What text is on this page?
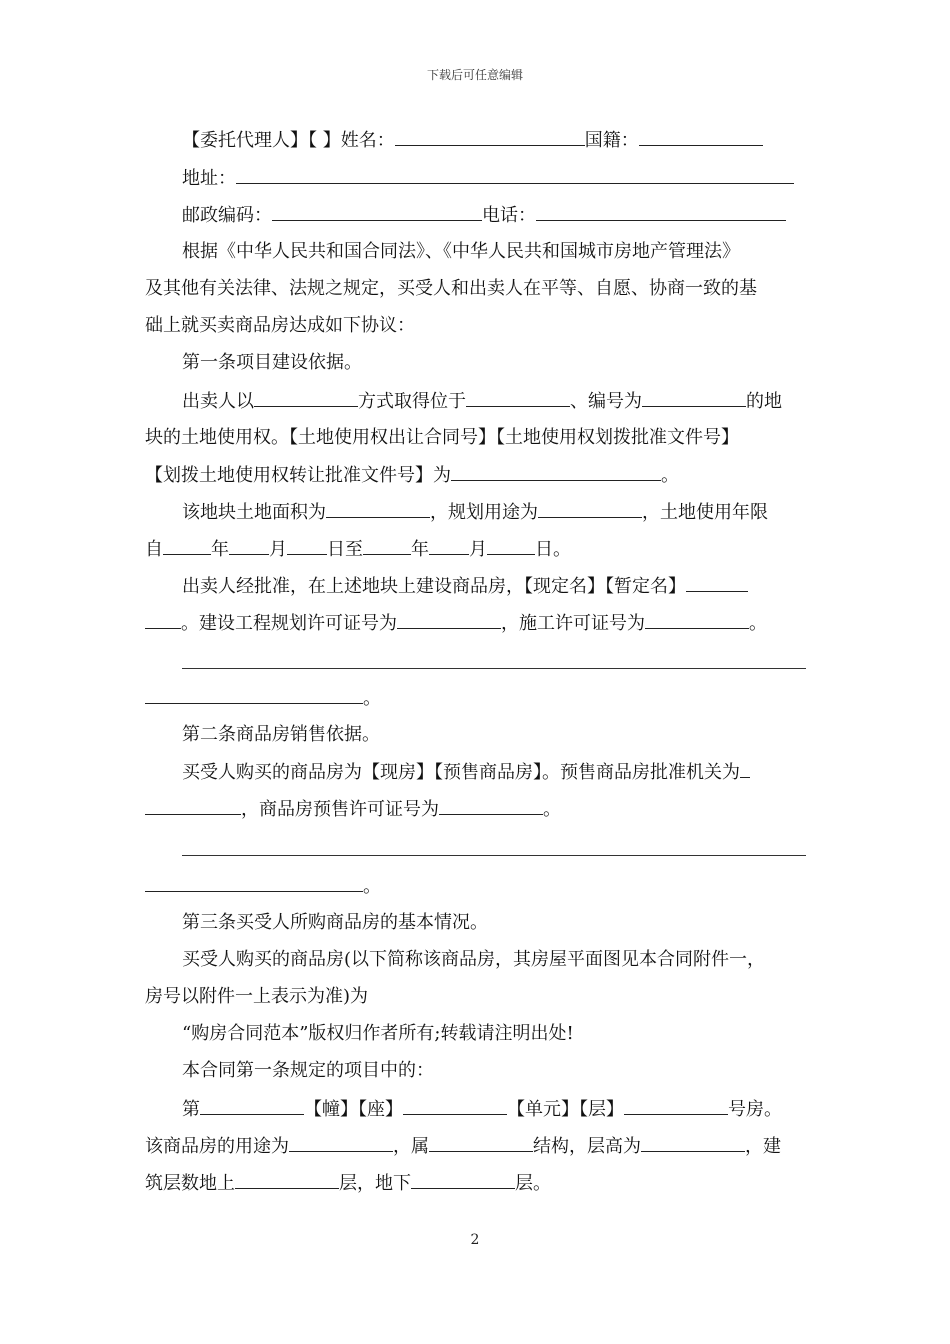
下载后可任意编辑
【委托代理人】【 】姓名：	国籍：
地址：
邮政编码：	电话：
根据《中华人民共和国合同法》、《中华人民共和国城市房地产管理法》
及其他有关法律、法规之规定，买受人和出卖人在平等、自愿、协商一致的基
础上就买卖商品房达成如下协议：
第一条项目建设依据。
出卖人以	方式取得位于	、编号为	的地
块的土地使用权。【土地使用权出让合同号】【土地使用权划拨批准文件号】
【划拨土地使用权转让批准文件号】为	。
该地块土地面积为	，规划用途为	，土地使用年限
自	年 月 日至	年 月	日。
出卖人经批准，在上述地块上建设商品房，【现定名】【暂定名】
。建设工程规划许可证号为	，施工许可证号为	。
。
第二条商品房销售依据。
买受人购买的商品房为【现房】【预售商品房】。预售商品房批准机关为
，商品房预售许可证号为	。
。
第三条买受人所购商品房的基本情况。
买受人购买的商品房(以下简称该商品房，其房屋平面图见本合同附件一，
房号以附件一上表示为准)为
“购房合同范本”版权归作者所有;转载请注明出处!
本合同第一条规定的项目中的：
第	【幢】【座】	【单元】【层】	号房。
该商品房的用途为	，属	结构，层高为	，建
筑层数地上	层，地下	层。
2
